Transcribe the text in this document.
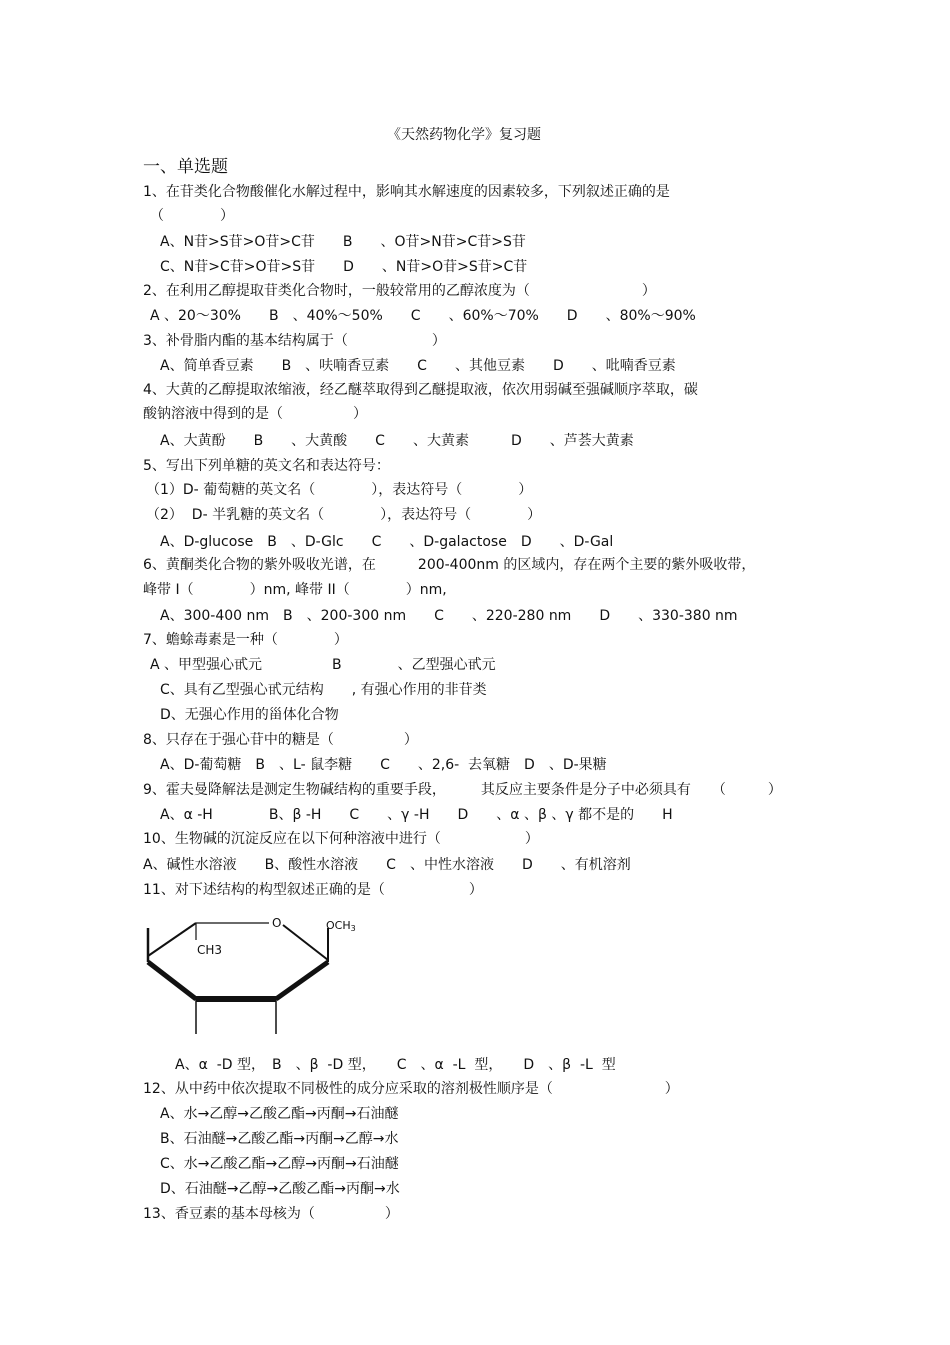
《天然药物化学》复习题
一、单选题
1、在苷类化合物酸催化水解过程中，影响其水解速度的因素较多，下列叙述正确的是
（　　　　）
A、N苷>S苷>O苷>C苷　　B　　、O苷>N苷>C苷>S苷
C、N苷>C苷>O苷>S苷　　D　　、N苷>O苷>S苷>C苷
2、在利用乙醇提取苷类化合物时，一般较常用的乙醇浓度为（　　　　　　　　）
A 、20～30%　　B　、40%～50%　　C　　、60%～70%　　D　　、80%～90%
3、补骨脂内酯的基本结构属于（　　　　　　）
A、简单香豆素　　B　、呋喃香豆素　　C　　、其他豆素　　D　　、吡喃香豆素
4、大黄的乙醇提取浓缩液，经乙醚萃取得到乙醚提取液，依次用弱碱至强碱顺序萃取，碳
酸钠溶液中得到的是（　　　　　）
A、大黄酚　　B　　、大黄酸　　C　　、大黄素　　　D　　、芦荟大黄素
5、写出下列单糖的英文名和表达符号：
（1）D- 葡萄糖的英文名（　　　　），表达符号（　　　　）
（2）  D- 半乳糖的英文名（　　　　），表达符号（　　　　）
A、D-glucose　B　、D-Glc　　C　　、D-galactose　D　　、D-Gal
6、黄酮类化合物的紫外吸收光谱，在　　　200-400nm 的区域内，存在两个主要的紫外吸收带，
峰带 I（　　　　）nm, 峰带 II（　　　　）nm,
A、300-400 nm　B　、200-300 nm　　C　　、220-280 nm　　D　　、330-380 nm
7、蟾蜍毒素是一种（　　　　）
A 、甲型强心甙元　　　　　B　　　　、乙型强心甙元
C、具有乙型强心甙元结构　　, 有强心作用的非苷类
D、无强心作用的甾体化合物
8、只存在于强心苷中的糖是（　　　　　）
A、D-葡萄糖　B　、L- 鼠李糖　　C　　、2,6-  去氧糖　D　、D-果糖
9、霍夫曼降解法是测定生物碱结构的重要手段，　　　其反应主要条件是分子中必须具有　　（　　　）
A、α -H　　　　B、β -H　　C　　、γ -H　　D　　、α 、β 、γ 都不是的　　H
10、生物碱的沉淀反应在以下何种溶液中进行（　　　　　　）
A、碱性水溶液　　B、酸性水溶液　　C　、中性水溶液　　D　　、有机溶剂
11、对下述结构的构型叙述正确的是（　　　　　　）
O	OCH3
CH3
A、α  -D 型，　B　、β  -D 型，　　C　、α  -L  型，　　D　、β  -L  型
12、从中药中依次提取不同极性的成分应采取的溶剂极性顺序是（　　　　　　　　）
A、水→乙醇→乙酸乙酯→丙酮→石油醚
B、石油醚→乙酸乙酯→丙酮→乙醇→水
C、水→乙酸乙酯→乙醇→丙酮→石油醚
D、石油醚→乙醇→乙酸乙酯→丙酮→水
13、香豆素的基本母核为（　　　　　）
